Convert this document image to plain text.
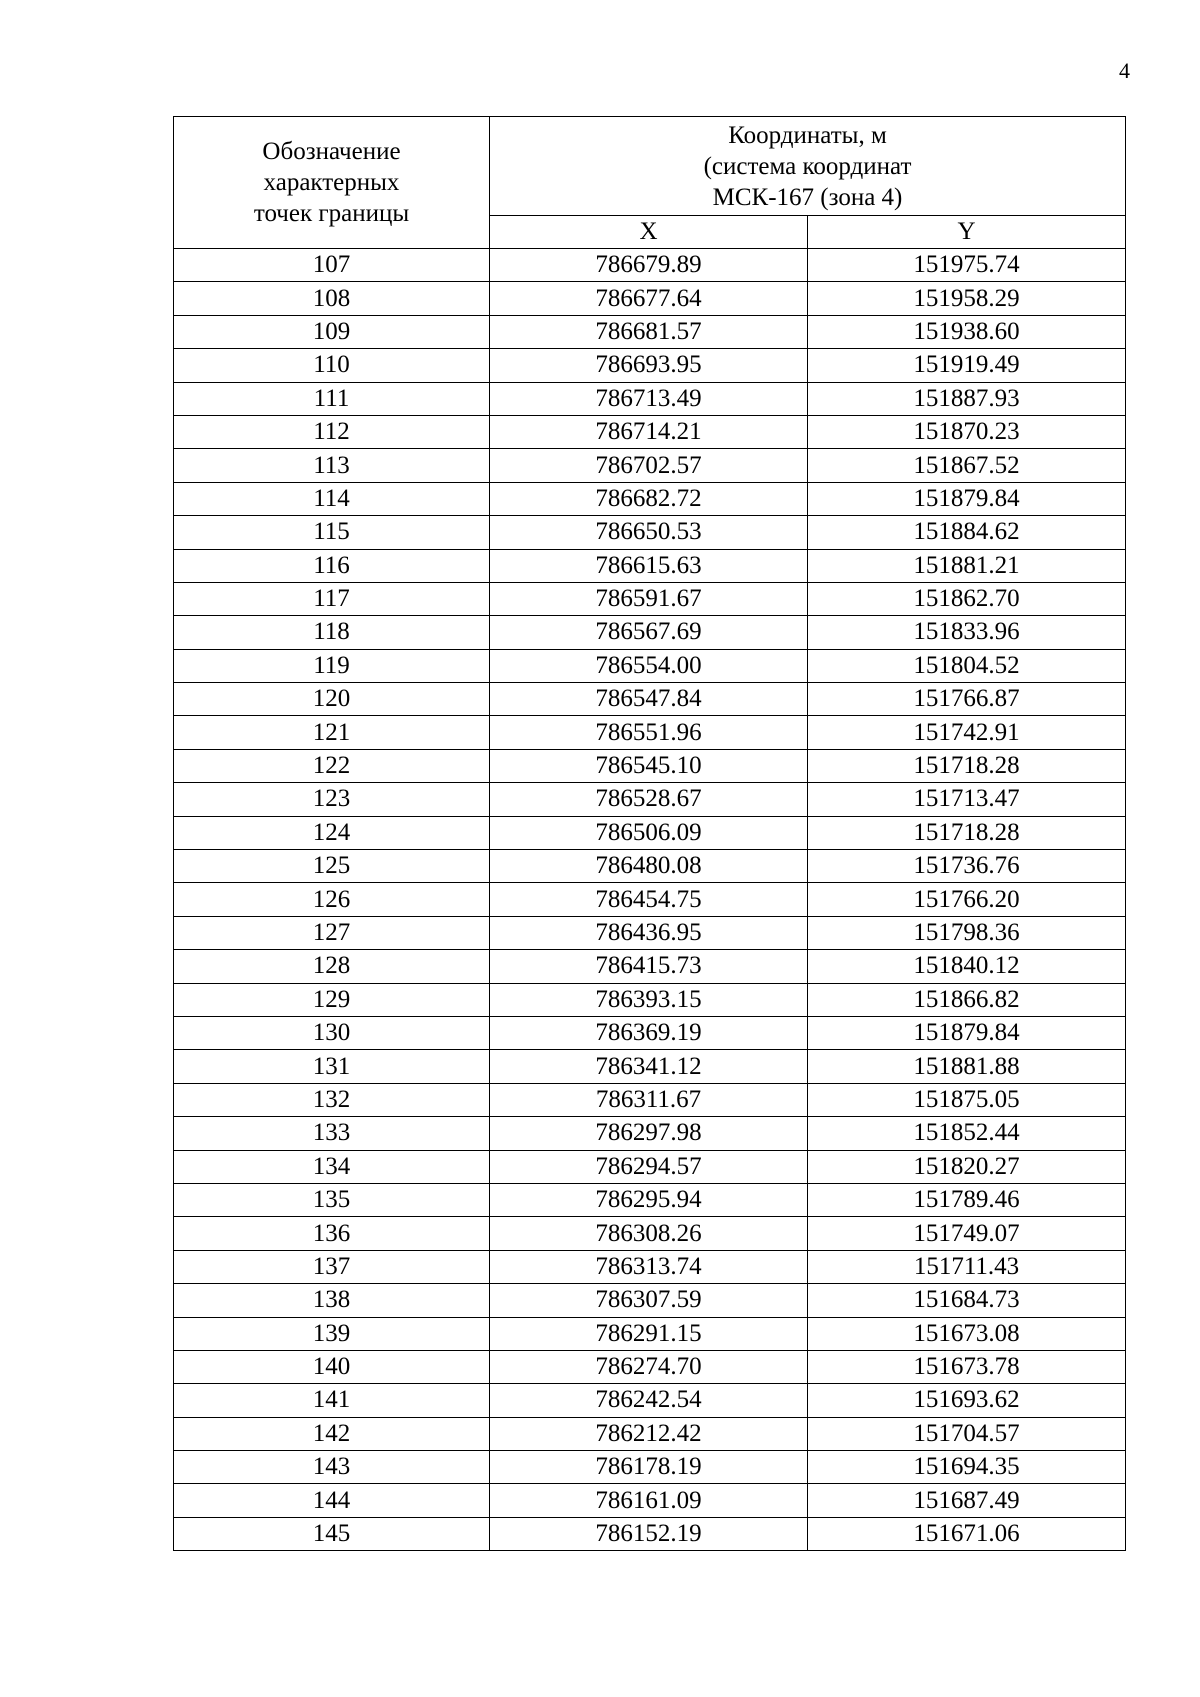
4
Обозначение
характерных
точек границы	Координаты, м
(система координат
МСК-167 (зона 4)	

	X	Y
107	786679.89	151975.74
108	786677.64	151958.29
109	786681.57	151938.60
110	786693.95	151919.49
111	786713.49	151887.93
112	786714.21	151870.23
113	786702.57	151867.52
114	786682.72	151879.84
115	786650.53	151884.62
116	786615.63	151881.21
117	786591.67	151862.70
118	786567.69	151833.96
119	786554.00	151804.52
120	786547.84	151766.87
121	786551.96	151742.91
122	786545.10	151718.28
123	786528.67	151713.47
124	786506.09	151718.28
125	786480.08	151736.76
126	786454.75	151766.20
127	786436.95	151798.36
128	786415.73	151840.12
129	786393.15	151866.82
130	786369.19	151879.84
131	786341.12	151881.88
132	786311.67	151875.05
133	786297.98	151852.44
134	786294.57	151820.27
135	786295.94	151789.46
136	786308.26	151749.07
137	786313.74	151711.43
138	786307.59	151684.73
139	786291.15	151673.08
140	786274.70	151673.78
141	786242.54	151693.62
142	786212.42	151704.57
143	786178.19	151694.35
144	786161.09	151687.49
145	786152.19	151671.06
